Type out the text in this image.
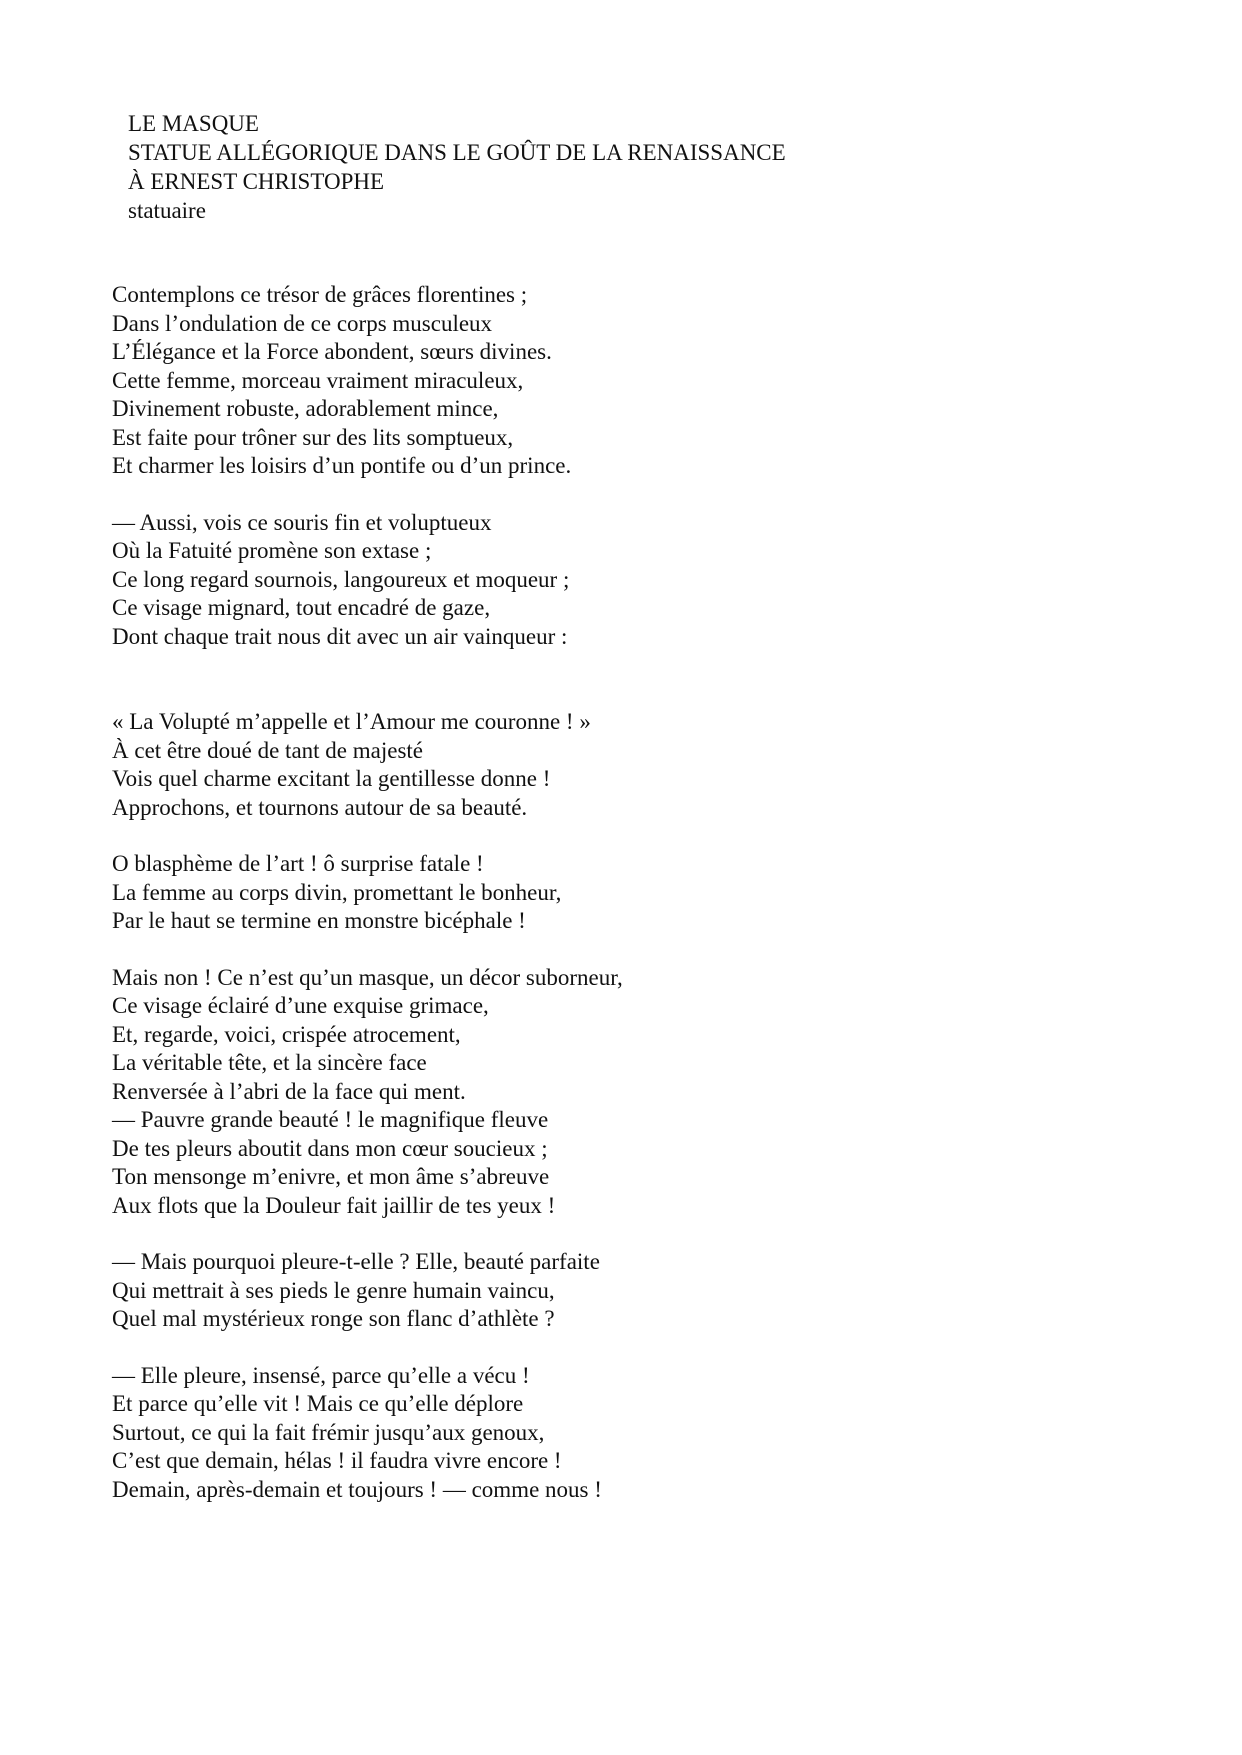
LE MASQUE
STATUE ALLÉGORIQUE DANS LE GOÛT DE LA RENAISSANCE
À ERNEST CHRISTOPHE
statuaire
Contemplons ce trésor de grâces florentines ;
Dans l’ondulation de ce corps musculeux
L’Élégance et la Force abondent, sœurs divines.
Cette femme, morceau vraiment miraculeux,
Divinement robuste, adorablement mince,
Est faite pour trôner sur des lits somptueux,
Et charmer les loisirs d’un pontife ou d’un prince.
— Aussi, vois ce souris fin et voluptueux
Où la Fatuité promène son extase ;
Ce long regard sournois, langoureux et moqueur ;
Ce visage mignard, tout encadré de gaze,
Dont chaque trait nous dit avec un air vainqueur :
« La Volupté m’appelle et l’Amour me couronne ! »
À cet être doué de tant de majesté
Vois quel charme excitant la gentillesse donne !
Approchons, et tournons autour de sa beauté.
O blasphème de l’art ! ô surprise fatale !
La femme au corps divin, promettant le bonheur,
Par le haut se termine en monstre bicéphale !
Mais non ! Ce n’est qu’un masque, un décor suborneur,
Ce visage éclairé d’une exquise grimace,
Et, regarde, voici, crispée atrocement,
La véritable tête, et la sincère face
Renversée à l’abri de la face qui ment.
— Pauvre grande beauté ! le magnifique fleuve
De tes pleurs aboutit dans mon cœur soucieux ;
Ton mensonge m’enivre, et mon âme s’abreuve
Aux flots que la Douleur fait jaillir de tes yeux !
— Mais pourquoi pleure-t-elle ? Elle, beauté parfaite
Qui mettrait à ses pieds le genre humain vaincu,
Quel mal mystérieux ronge son flanc d’athlète ?
— Elle pleure, insensé, parce qu’elle a vécu !
Et parce qu’elle vit ! Mais ce qu’elle déplore
Surtout, ce qui la fait frémir jusqu’aux genoux,
C’est que demain, hélas ! il faudra vivre encore !
Demain, après-demain et toujours ! — comme nous !
